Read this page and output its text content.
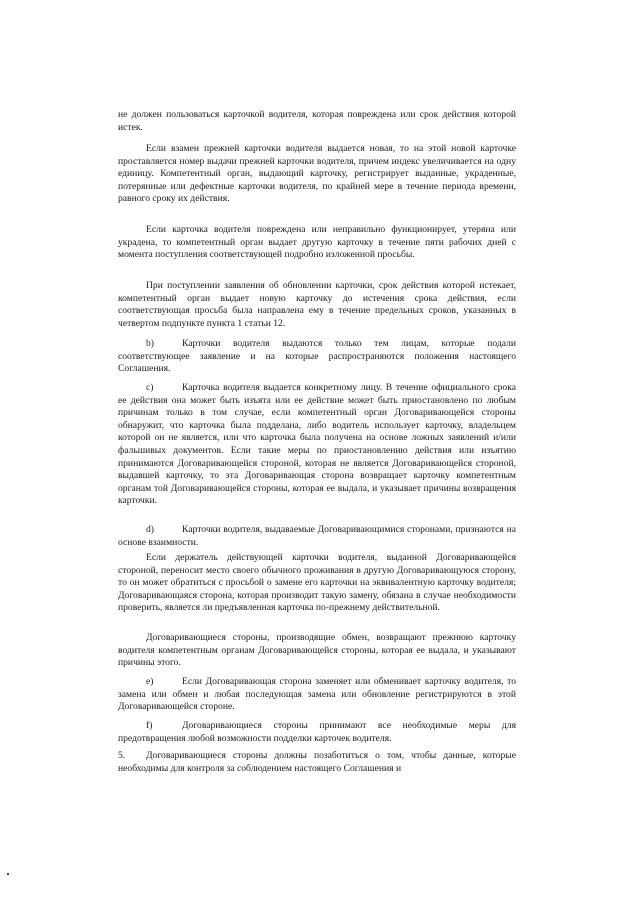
не должен пользоваться карточкой водителя, которая повреждена или срок действия которой истек.

Если взамен прежней карточки водителя выдается новая, то на этой новой карточке проставляется номер выдачи прежней карточки водителя, причем индекс увеличивается на одну единицу. Компетентный орган, выдающий карточку, регистрирует выданные, украденные, потерянные или дефектные карточки водителя, по крайней мере в течение периода времени, равного сроку их действия.

Если карточка водителя повреждена или неправильно функционирует, утеряна или украдена, то компетентный орган выдает другую карточку в течение пяти рабочих дней с момента поступления соответствующей подробно изложенной просьбы.

При поступлении заявления об обновлении карточки, срок действия которой истекает, компетентный орган выдает новую карточку до истечения срока действия, если соответствующая просьба была направлена ему в течение предельных сроков, указанных в четвертом подпункте пункта 1 статьи 12.

b)	Карточки водителя выдаются только тем лицам, которые подали соответствующее заявление и на которые распространяются положения настоящего Соглашения.

c)	Карточка водителя выдается конкретному лицу. В течение официального срока ее действия она может быть изъята или ее действие может быть приостановлено по любым причинам только в том случае, если компетентный орган Договаривающейся стороны обнаружит, что карточка была подделана, либо водитель использует карточку, владельцем которой он не является, или что карточка была получена на основе ложных заявлений и/или фальшивых документов. Если такие меры по приостановлению действия или изъятию принимаются Договаривающейся стороной, которая не является Договаривающейся стороной, выдавшей карточку, то эта Договаривающая сторона возвращает карточку компетентным органам той Договаривающейся стороны, которая ее выдала, и указывает причины возвращения карточки.

d)	Карточки водителя, выдаваемые Договаривающимися сторонами, признаются на основе взаимности.

Если держатель действующей карточки водителя, выданной Договаривающейся стороной, переносит место своего обычного проживания в другую Договаривающуюся сторону, то он может обратиться с просьбой о замене его карточки на эквивалентную карточку водителя; Договаривающаяся сторона, которая производит такую замену, обязана в случае необходимости проверить, является ли предъявленная карточка по-прежнему действительной.

Договаривающиеся стороны, производящие обмен, возвращают прежнюю карточку водителя компетентным органам Договаривающейся стороны, которая ее выдала, и указывают причины этого.

e)	Если Договаривающая сторона заменяет или обменивает карточку водителя, то замена или обмен и любая последующая замена или обновление регистрируются в этой Договаривающейся стороне.

f)	Договаривающиеся стороны принимают все необходимые меры для предотвращения любой возможности подделки карточек водителя.

5. Договаривающиеся стороны должны позаботиться о том, чтобы данные, которые необходимы для контроля за соблюдением настоящего Соглашения и
